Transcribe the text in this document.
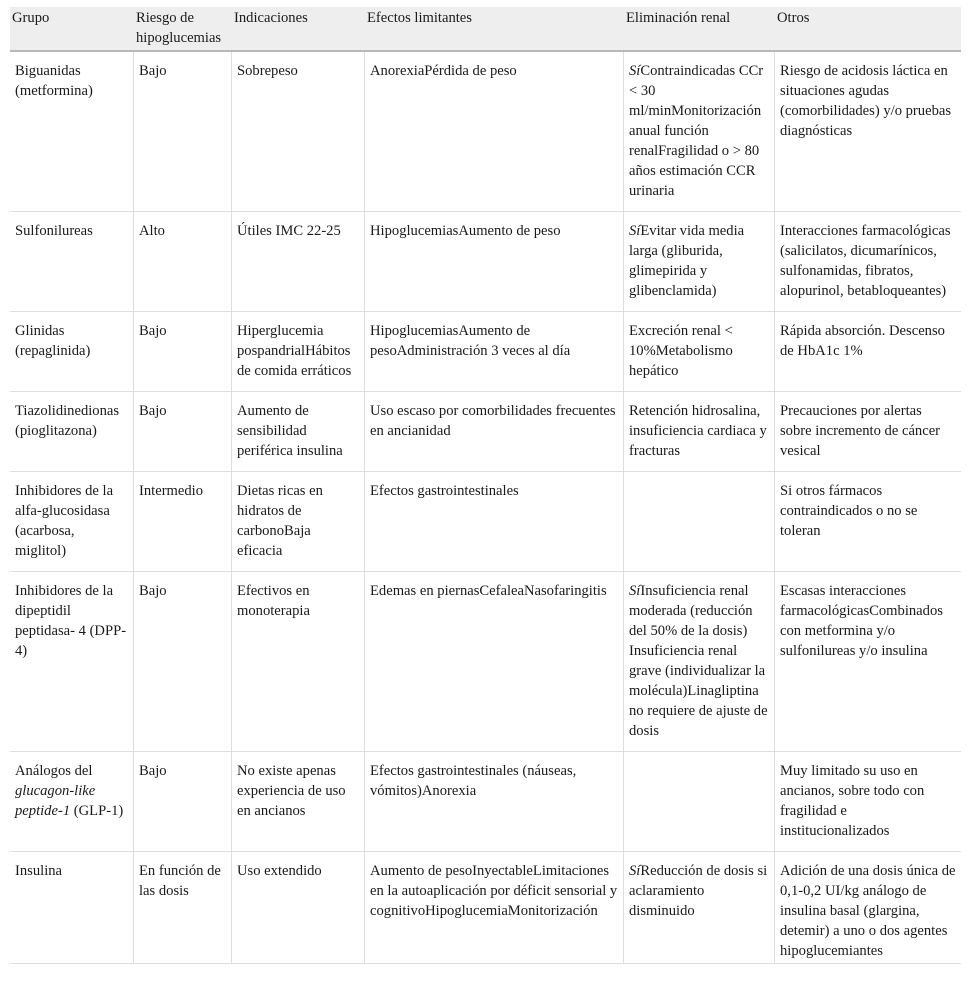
Grupo	Riesgo de hipoglucemias	Indicaciones	Efectos limitantes	Eliminación renal	Otros
Biguanidas (metformina)	Bajo	Sobrepeso	AnorexiaPérdida de peso	SíContraindicadas CCr < 30 ml/minMonitorización anual función renalFragilidad o > 80 años estimación CCR urinaria	Riesgo de acidosis láctica en situaciones agudas (comorbilidades) y/o pruebas diagnósticas
Sulfonilureas	Alto	Útiles IMC 22-25	HipoglucemiasAumento de peso	SíEvitar vida media larga (gliburida, glimepirida y glibenclamida)	Interacciones farmacológicas (salicilatos, dicumarínicos, sulfonamidas, fibratos, alopurinol, betabloqueantes)
Glinidas (repaglinida)	Bajo	Hiperglucemia pospandrialHábitos de comida erráticos	HipoglucemiasAumento de pesoAdministración 3 veces al día	Excreción renal < 10%Metabolismo hepático	Rápida absorción. Descenso de HbA1c 1%
Tiazolidinedionas (pioglitazona)	Bajo	Aumento de sensibilidad periférica insulina	Uso escaso por comorbilidades frecuentes en ancianidad	Retención hidrosalina, insuficiencia cardiaca y fracturas	Precauciones por alertas sobre incremento de cáncer vesical
Inhibidores de la alfa-glucosidasa (acarbosa, miglitol)	Intermedio	Dietas ricas en hidratos de carbonoBaja eficacia	Efectos gastrointestinales		Si otros fármacos contraindicados o no se toleran
Inhibidores de la dipeptidil peptidasa- 4 (DPP-4)	Bajo	Efectivos en monoterapia	Edemas en piernasCefaleaNasofaringitis	SíInsuficiencia renal moderada (reducción del 50% de la dosis) Insuficiencia renal grave (individualizar la molécula)Linagliptina no requiere de ajuste de dosis	Escasas interacciones farmacológicasCombinados con metformina y/o sulfonilureas y/o insulina
Análogos del glucagon-like peptide-1 (GLP-1)	Bajo	No existe apenas experiencia de uso en ancianos	Efectos gastrointestinales (náuseas, vómitos)Anorexia		Muy limitado su uso en ancianos, sobre todo con fragilidad e institucionalizados
Insulina	En función de las dosis	Uso extendido	Aumento de pesoInyectableLimitaciones en la autoaplicación por déficit sensorial y cognitivoHipoglucemiaMonitorización	SíReducción de dosis si aclaramiento disminuido	Adición de una dosis única de 0,1-0,2 UI/kg análogo de insulina basal (glargina, detemir) a uno o dos agentes hipoglucemiantes
